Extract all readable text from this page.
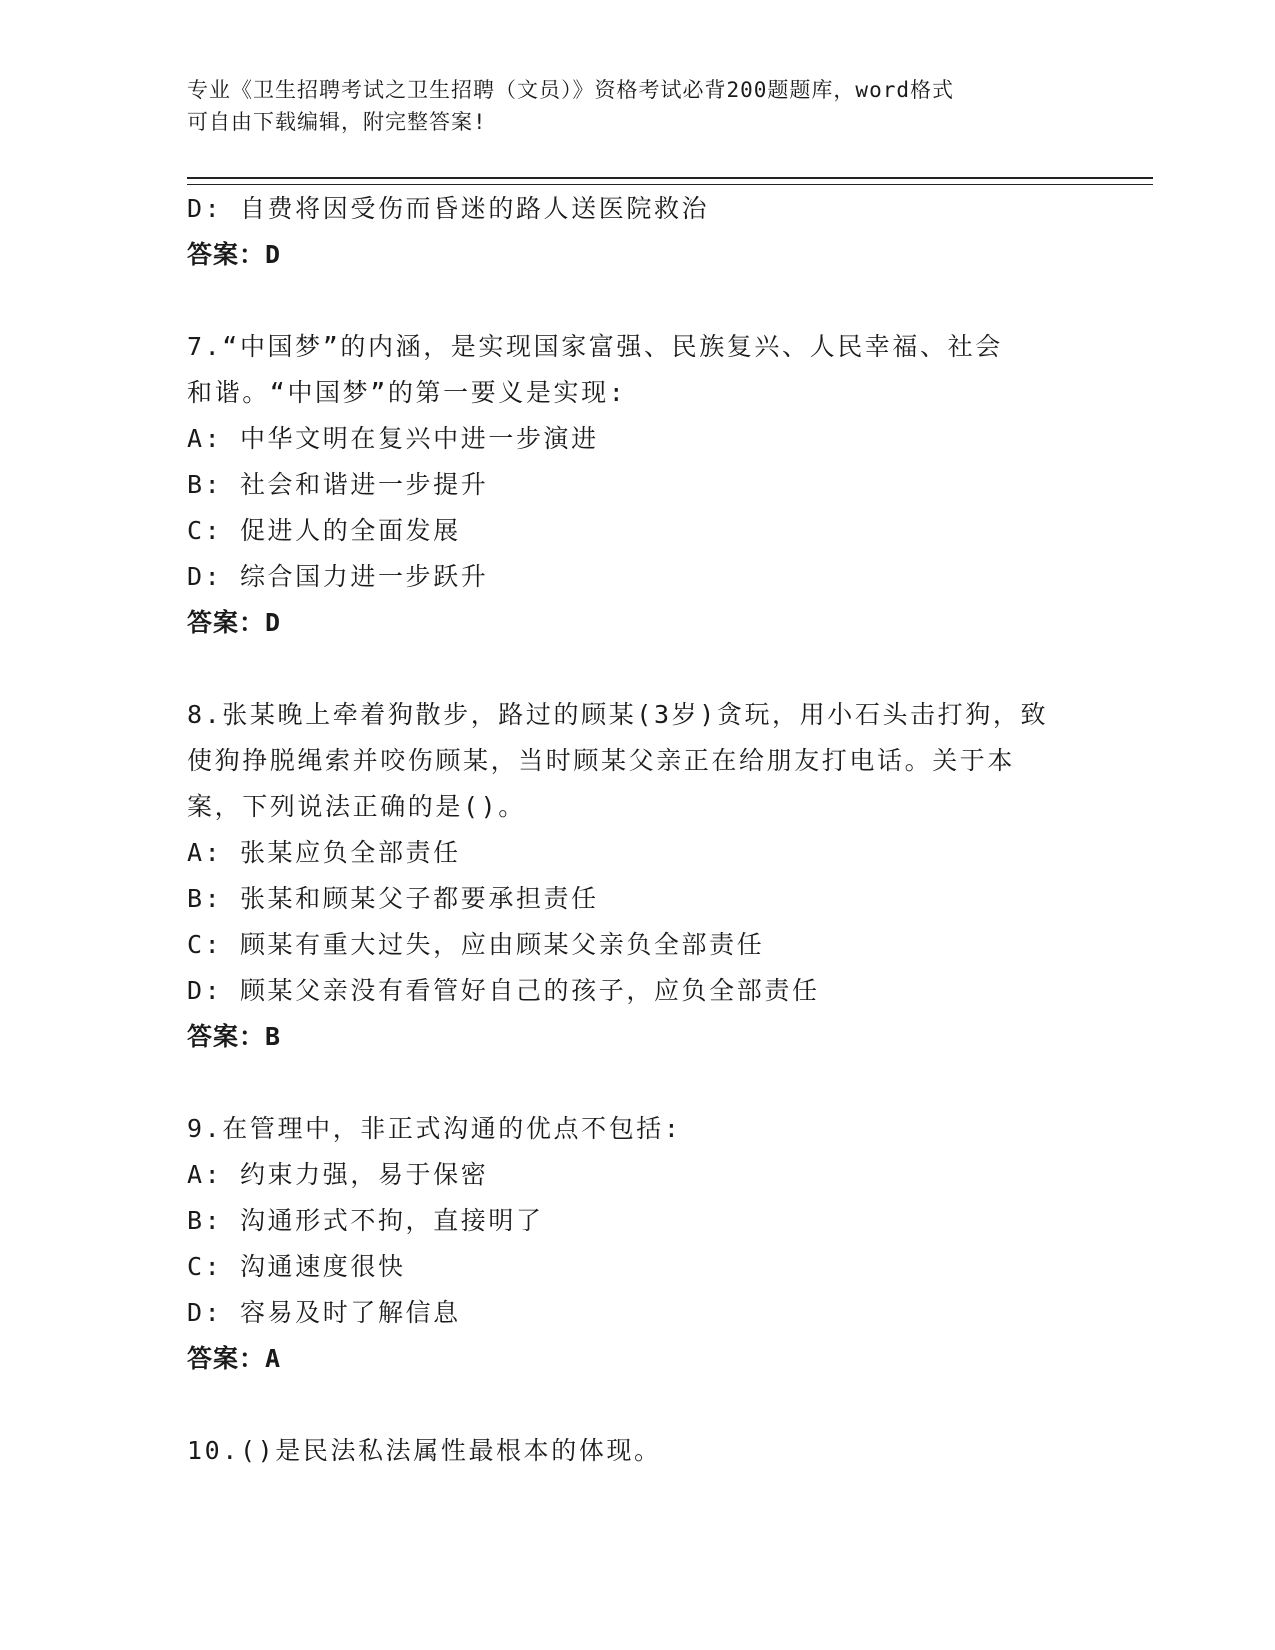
专业《卫生招聘考试之卫生招聘（文员）》资格考试必背200题题库，word格式
可自由下载编辑，附完整答案!
D: 自费将因受伤而昏迷的路人送医院救治
答案：D
7.“中国梦”的内涵，是实现国家富强、民族复兴、人民幸福、社会
和谐。“中国梦”的第一要义是实现:
A: 中华文明在复兴中进一步演进
B: 社会和谐进一步提升
C: 促进人的全面发展
D: 综合国力进一步跃升
答案：D
8.张某晚上牵着狗散步，路过的顾某(3岁)贪玩，用小石头击打狗，致
使狗挣脱绳索并咬伤顾某，当时顾某父亲正在给朋友打电话。关于本
案，下列说法正确的是()。
A: 张某应负全部责任
B: 张某和顾某父子都要承担责任
C: 顾某有重大过失，应由顾某父亲负全部责任
D: 顾某父亲没有看管好自己的孩子，应负全部责任
答案：B
9.在管理中，非正式沟通的优点不包括:
A: 约束力强，易于保密
B: 沟通形式不拘，直接明了
C: 沟通速度很快
D: 容易及时了解信息
答案：A
10.()是民法私法属性最根本的体现。
